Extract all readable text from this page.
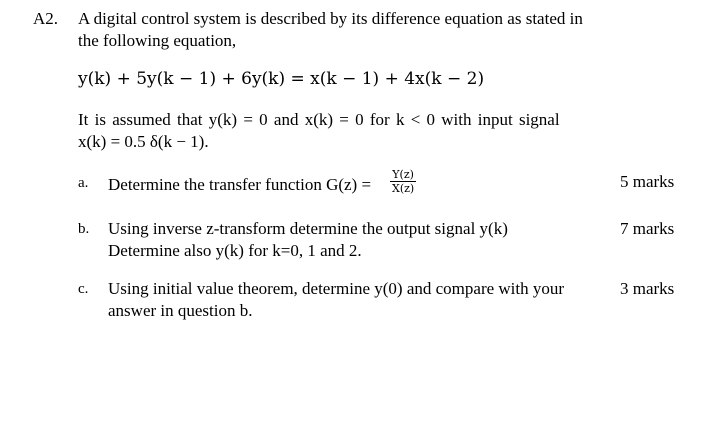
A2. A digital control system is described by its difference equation as stated in
the following equation,
y(k) + 5y(k − 1) + 6y(k) = x(k − 1) + 4x(k − 2)
It is assumed that y(k) = 0 and x(k) = 0 for k < 0 with input signal
x(k) = 0.5 δ(k − 1).
a. Determine the transfer function $G(z) = \frac{Y(z)}{X(z)}$	5 marks
b. Using inverse z-transform determine the output signal y(k)
Determine also y(k) for k=0, 1 and 2.
7 marks
c. Using initial value theorem, determine y(0) and compare with your
answer in question b.
3 marks
